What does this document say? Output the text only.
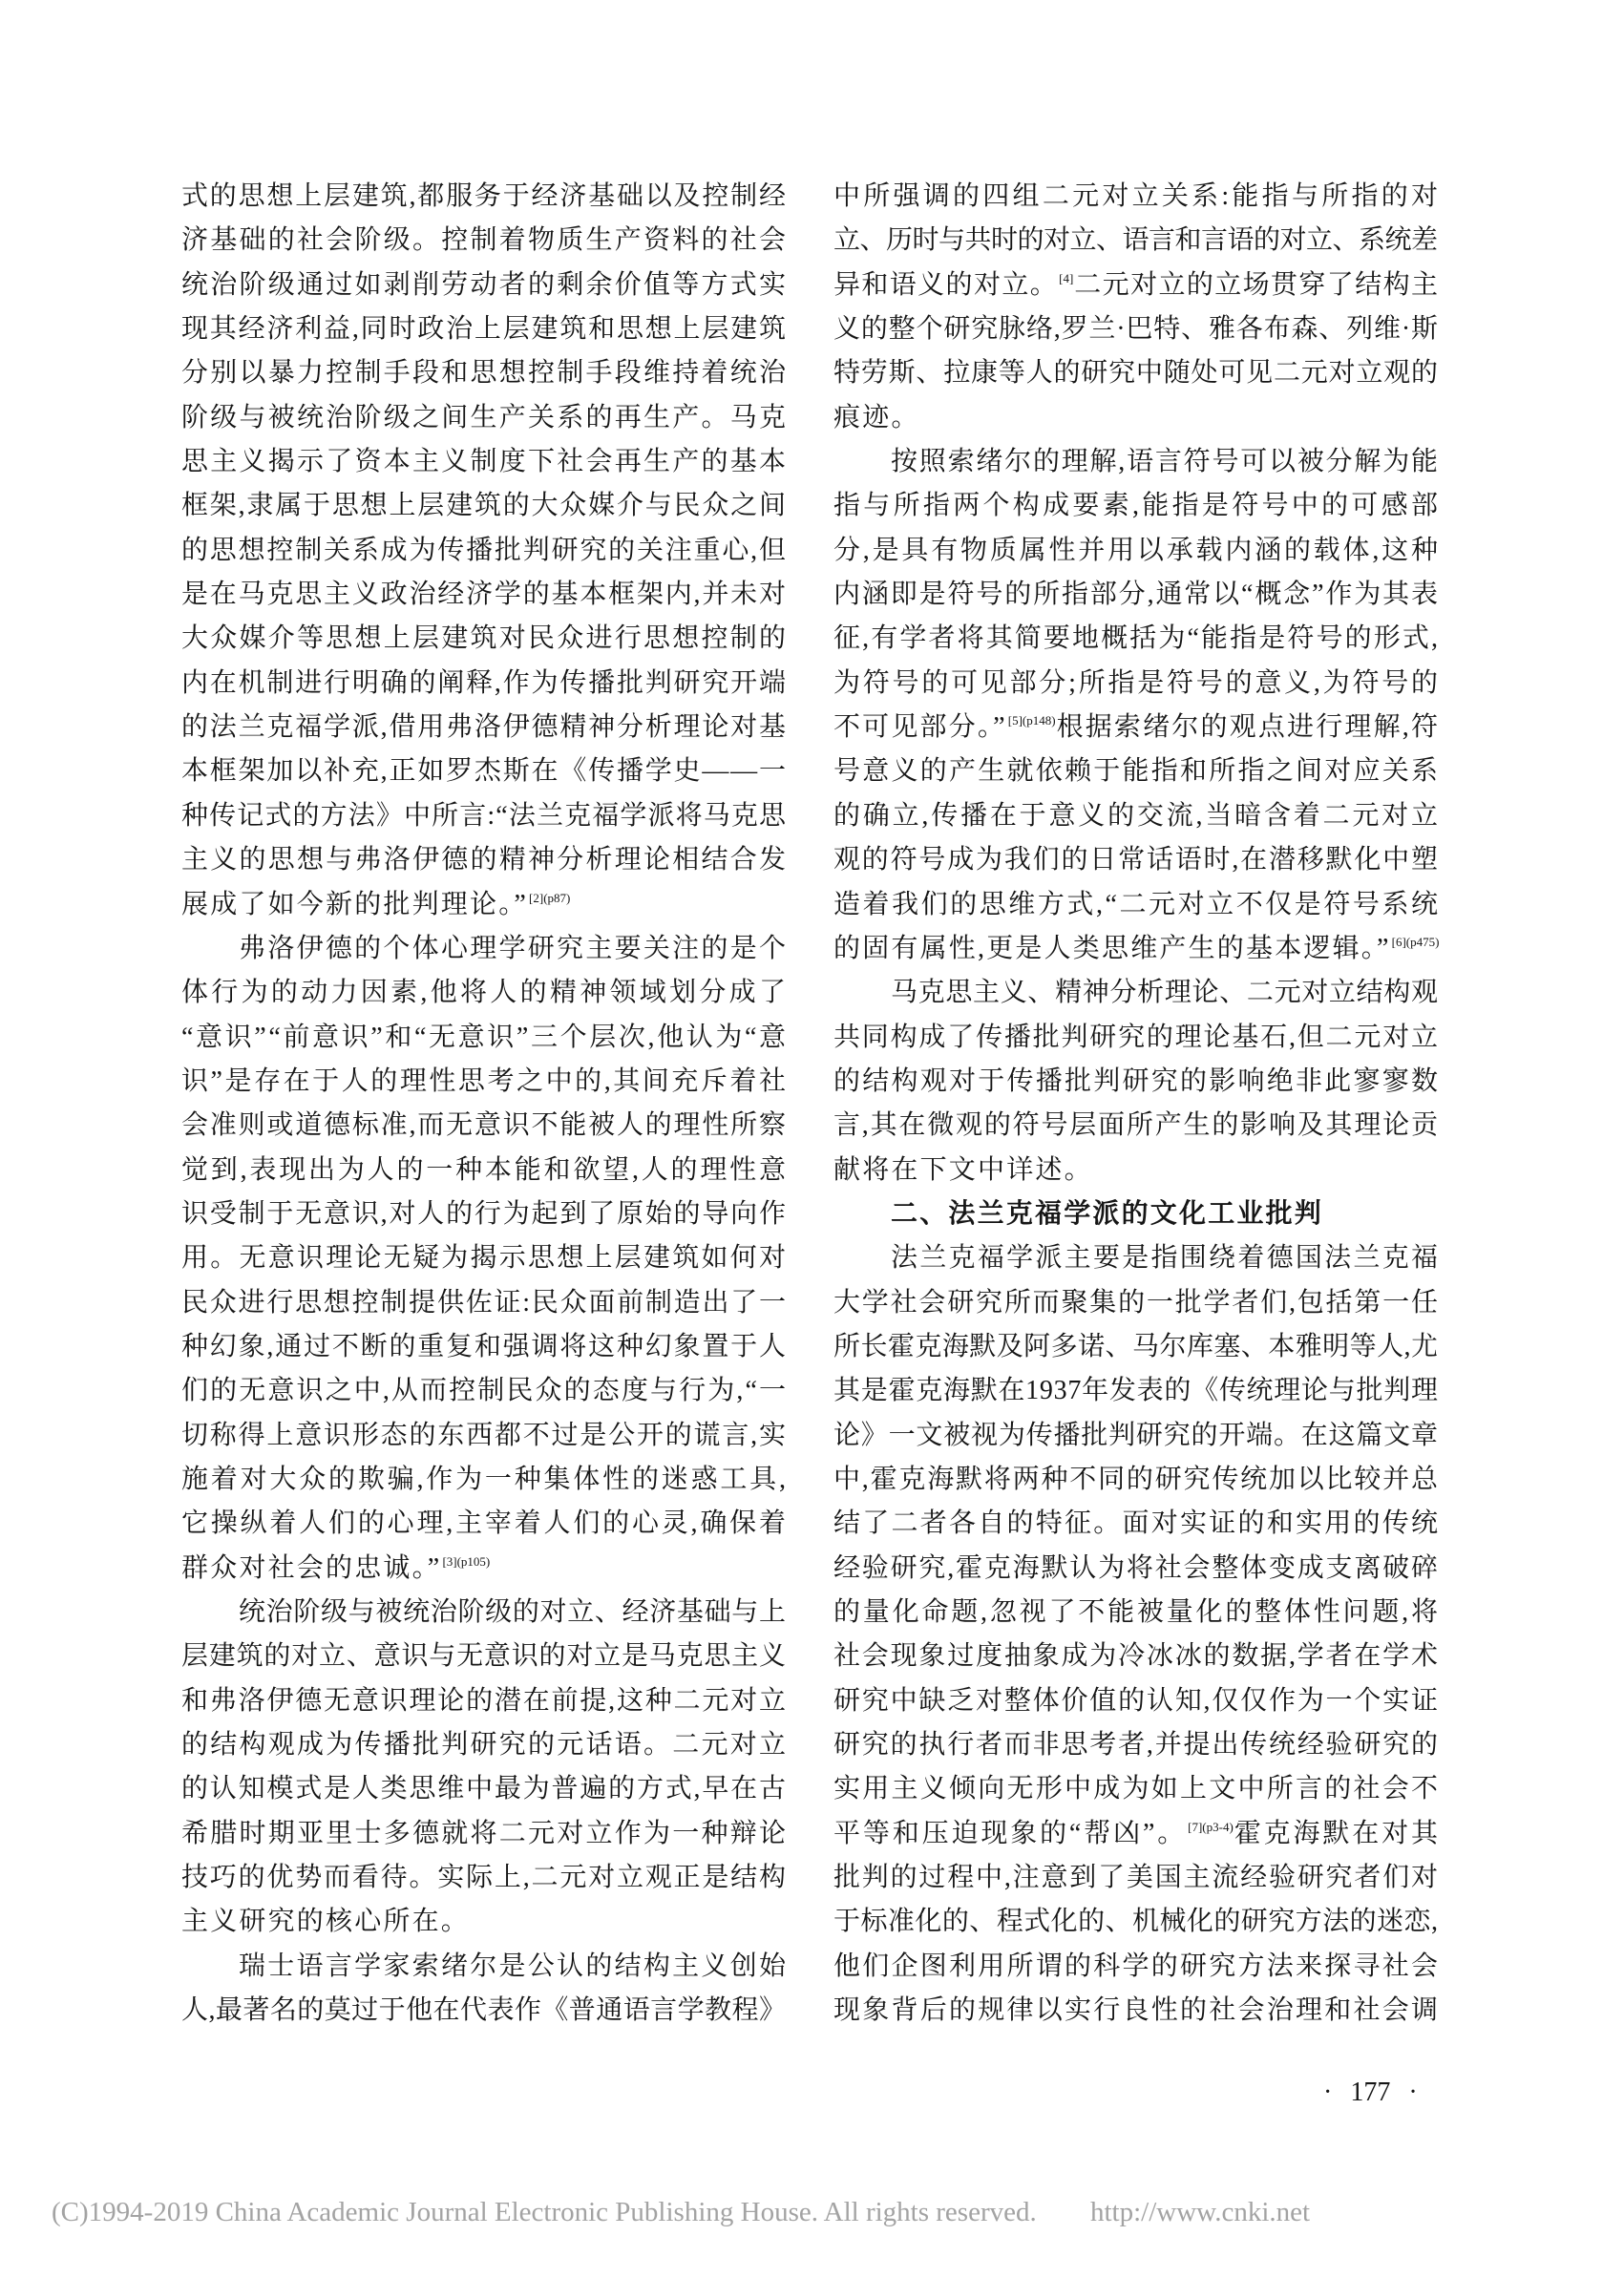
式的思想上层建筑,都服务于经济基础以及控制经
济基础的社会阶级。控制着物质生产资料的社会
统治阶级通过如剥削劳动者的剩余价值等方式实
现其经济利益,同时政治上层建筑和思想上层建筑
分别以暴力控制手段和思想控制手段维持着统治
阶级与被统治阶级之间生产关系的再生产。马克
思主义揭示了资本主义制度下社会再生产的基本
框架,隶属于思想上层建筑的大众媒介与民众之间
的思想控制关系成为传播批判研究的关注重心,但
是在马克思主义政治经济学的基本框架内,并未对
大众媒介等思想上层建筑对民众进行思想控制的
内在机制进行明确的阐释,作为传播批判研究开端
的法兰克福学派,借用弗洛伊德精神分析理论对基
本框架加以补充,正如罗杰斯在《传播学史——一
种传记式的方法》中所言:“法兰克福学派将马克思
主义的思想与弗洛伊德的精神分析理论相结合发
展成了如今新的批判理论。”$^{[2](p87)}$
弗洛伊德的个体心理学研究主要关注的是个
体行为的动力因素,他将人的精神领域划分成了
“意识”“前意识”和“无意识”三个层次,他认为“意
识”是存在于人的理性思考之中的,其间充斥着社
会准则或道德标准,而无意识不能被人的理性所察
觉到,表现出为人的一种本能和欲望,人的理性意
识受制于无意识,对人的行为起到了原始的导向作
用。无意识理论无疑为揭示思想上层建筑如何对
民众进行思想控制提供佐证:民众面前制造出了一
种幻象,通过不断的重复和强调将这种幻象置于人
们的无意识之中,从而控制民众的态度与行为,“一
切称得上意识形态的东西都不过是公开的谎言,实
施着对大众的欺骗,作为一种集体性的迷惑工具,
它操纵着人们的心理,主宰着人们的心灵,确保着
群众对社会的忠诚。”$^{[3](p105)}$
统治阶级与被统治阶级的对立、经济基础与上
层建筑的对立、意识与无意识的对立是马克思主义
和弗洛伊德无意识理论的潜在前提,这种二元对立
的结构观成为传播批判研究的元话语。二元对立
的认知模式是人类思维中最为普遍的方式,早在古
希腊时期亚里士多德就将二元对立作为一种辩论
技巧的优势而看待。实际上,二元对立观正是结构
主义研究的核心所在。
瑞士语言学家索绪尔是公认的结构主义创始
人,最著名的莫过于他在代表作《普通语言学教程》
中所强调的四组二元对立关系:能指与所指的对
立、历时与共时的对立、语言和言语的对立、系统差
异和语义的对立。[4]二元对立的立场贯穿了结构主
义的整个研究脉络,罗兰·巴特、雅各布森、列维·斯
特劳斯、拉康等人的研究中随处可见二元对立观的
痕迹。
按照索绪尔的理解,语言符号可以被分解为能
指与所指两个构成要素,能指是符号中的可感部
分,是具有物质属性并用以承载内涵的载体,这种
内涵即是符号的所指部分,通常以“概念”作为其表
征,有学者将其简要地概括为“能指是符号的形式,
为符号的可见部分;所指是符号的意义,为符号的
不可见部分。”$^{[5](p148)}$根据索绪尔的观点进行理解,符
号意义的产生就依赖于能指和所指之间对应关系
的确立,传播在于意义的交流,当暗含着二元对立
观的符号成为我们的日常话语时,在潜移默化中塑
造着我们的思维方式,“二元对立不仅是符号系统
的固有属性,更是人类思维产生的基本逻辑。”$^{[6](p475)}$
马克思主义、精神分析理论、二元对立结构观
共同构成了传播批判研究的理论基石,但二元对立
的结构观对于传播批判研究的影响绝非此寥寥数
言,其在微观的符号层面所产生的影响及其理论贡
献将在下文中详述。
二、法兰克福学派的文化工业批判
法兰克福学派主要是指围绕着德国法兰克福
大学社会研究所而聚集的一批学者们,包括第一任
所长霍克海默及阿多诺、马尔库塞、本雅明等人,尤
其是霍克海默在1937年发表的《传统理论与批判理
论》一文被视为传播批判研究的开端。在这篇文章
中,霍克海默将两种不同的研究传统加以比较并总
结了二者各自的特征。面对实证的和实用的传统
经验研究,霍克海默认为将社会整体变成支离破碎
的量化命题,忽视了不能被量化的整体性问题,将
社会现象过度抽象成为冷冰冰的数据,学者在学术
研究中缺乏对整体价值的认知,仅仅作为一个实证
研究的执行者而非思考者,并提出传统经验研究的
实用主义倾向无形中成为如上文中所言的社会不
平等和压迫现象的“帮凶”。$^{[7](p3-4)}$霍克海默在对其
批判的过程中,注意到了美国主流经验研究者们对
于标准化的、程式化的、机械化的研究方法的迷恋,
他们企图利用所谓的科学的研究方法来探寻社会
现象背后的规律以实行良性的社会治理和社会调
· 177 ·
(C)1994-2019 China Academic Journal Electronic Publishing House. All rights reserved. http://www.cnki.net
